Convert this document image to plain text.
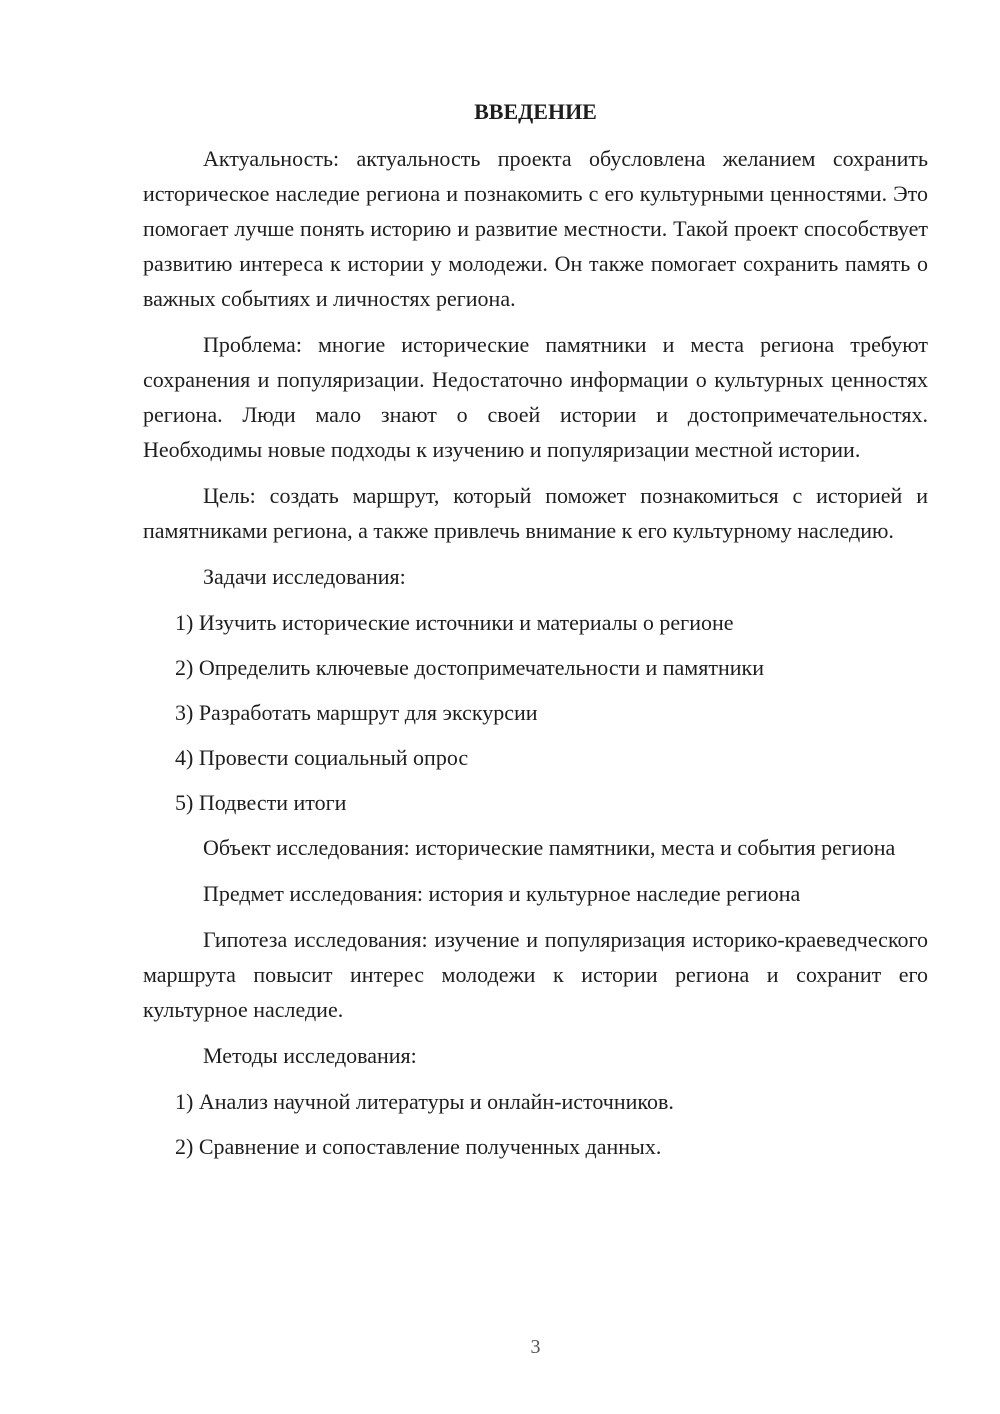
ВВЕДЕНИЕ

Актуальность: актуальность проекта обусловлена желанием сохранить историческое наследие региона и познакомить с его культурными ценностями. Это помогает лучше понять историю и развитие местности. Такой проект способствует развитию интереса к истории у молодежи. Он также помогает сохранить память о важных событиях и личностях региона.

Проблема: многие исторические памятники и места региона требуют сохранения и популяризации. Недостаточно информации о культурных ценностях региона. Люди мало знают о своей истории и достопримечательностях. Необходимы новые подходы к изучению и популяризации местной истории.

Цель: создать маршрут, который поможет познакомиться с историей и памятниками региона, а также привлечь внимание к его культурному наследию.

Задачи исследования:

1) Изучить исторические источники и материалы о регионе
2) Определить ключевые достопримечательности и памятники
3) Разработать маршрут для экскурсии
4) Провести социальный опрос
5) Подвести итоги

Объект исследования: исторические памятники, места и события региона

Предмет исследования: история и культурное наследие региона

Гипотеза исследования: изучение и популяризация историко-краеведческого маршрута повысит интерес молодежи к истории региона и сохранит его культурное наследие.

Методы исследования:

1) Анализ научной литературы и онлайн-источников.
2) Сравнение и сопоставление полученных данных.
3
